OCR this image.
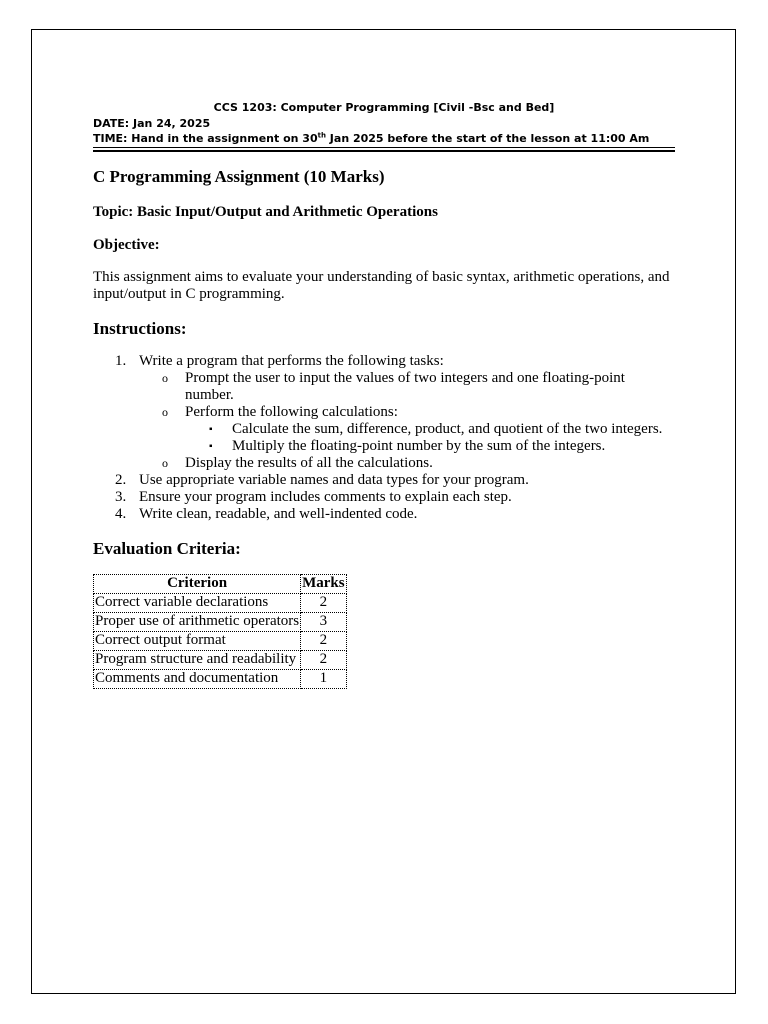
CCS 1203: Computer Programming [Civil -Bsc and Bed]
DATE: Jan 24, 2025
TIME: Hand in the assignment on 30th Jan 2025 before the start of the lesson at 11:00 Am
C Programming Assignment (10 Marks)
Topic: Basic Input/Output and Arithmetic Operations
Objective:
This assignment aims to evaluate your understanding of basic syntax, arithmetic operations, and input/output in C programming.
Instructions:
1. Write a program that performs the following tasks:
o Prompt the user to input the values of two integers and one floating-point number.
o Perform the following calculations:
▪ Calculate the sum, difference, product, and quotient of the two integers.
▪ Multiply the floating-point number by the sum of the integers.
o Display the results of all the calculations.
2. Use appropriate variable names and data types for your program.
3. Ensure your program includes comments to explain each step.
4. Write clean, readable, and well-indented code.
Evaluation Criteria:
Criterion	Marks
Correct variable declarations	2
Proper use of arithmetic operators	3
Correct output format	2
Program structure and readability	2
Comments and documentation	1
